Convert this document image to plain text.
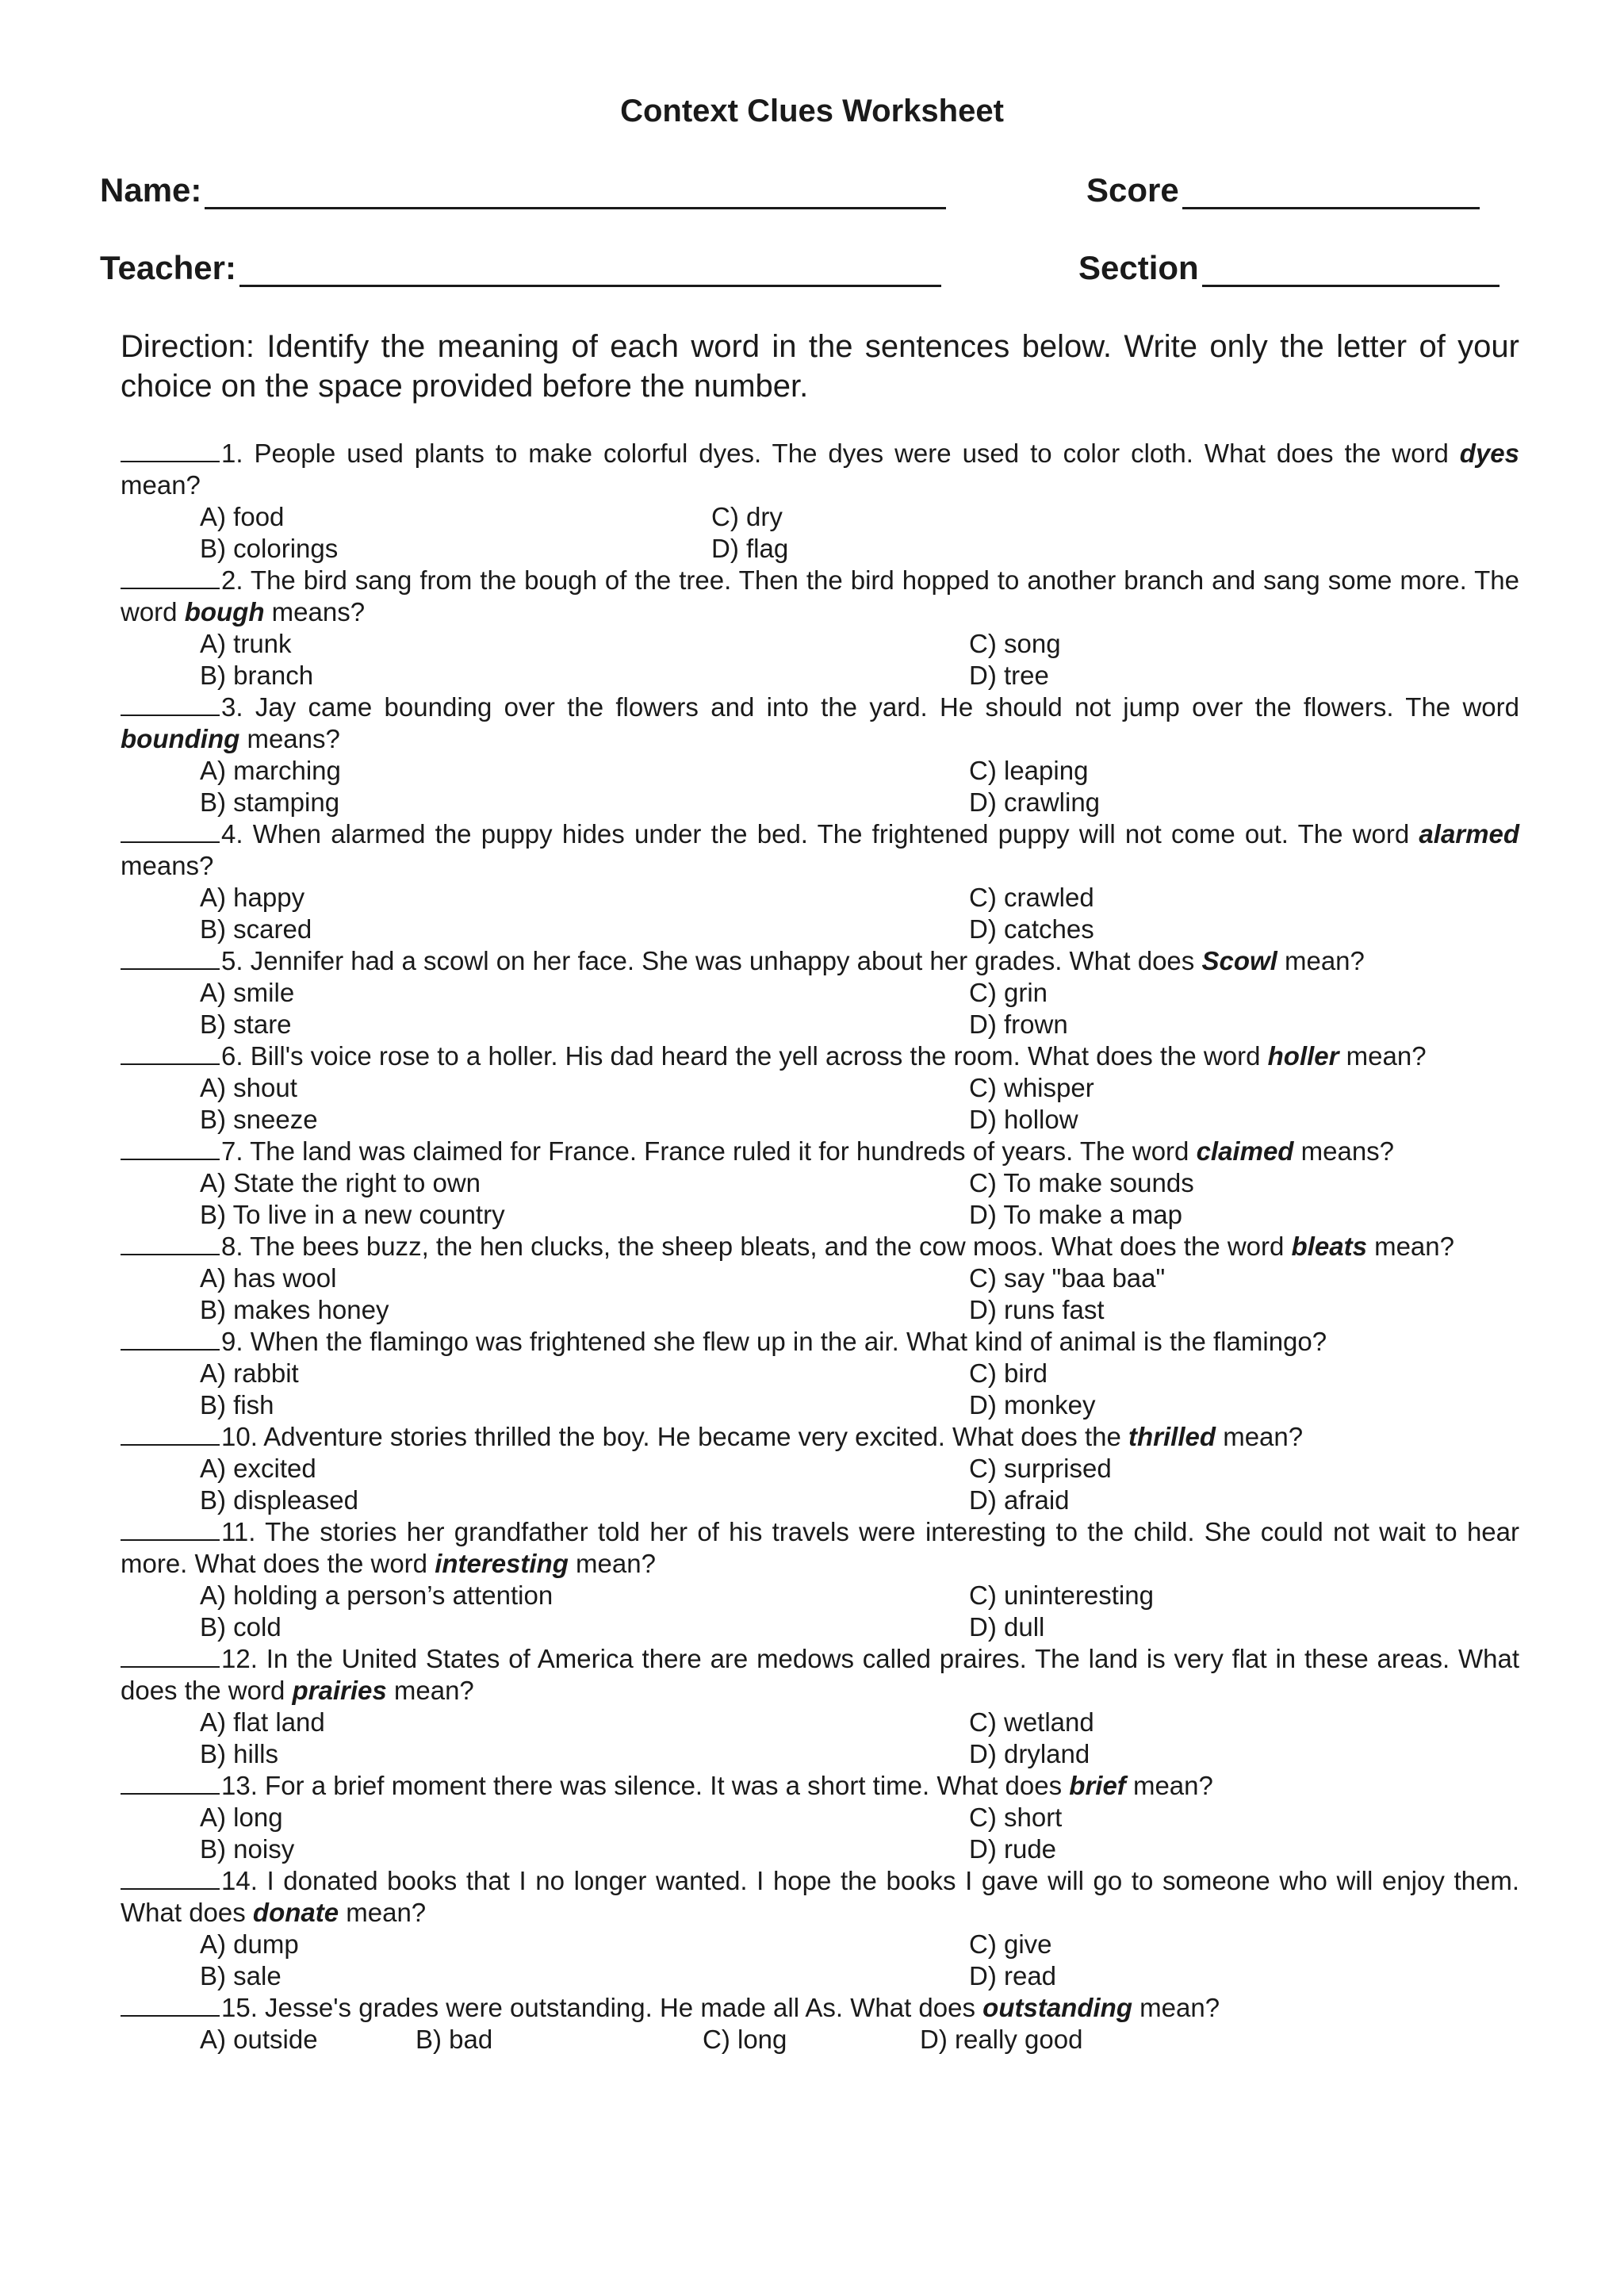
Context Clues Worksheet
Name:	Score
Teacher:	Section
Direction: Identify the meaning of each word in the sentences below. Write only the letter of your choice on the space provided before the number.
1. People used plants to make colorful dyes. The dyes were used to color cloth. What does the word dyes mean?
A) food	C) dry
B) colorings	D) flag
2. The bird sang from the bough of the tree. Then the bird hopped to another branch and sang some more. The word bough means?
A) trunk	C) song
B) branch	D) tree
3. Jay came bounding over the flowers and into the yard. He should not jump over the flowers. The word bounding means?
A) marching	C) leaping
B) stamping	D) crawling
4. When alarmed the puppy hides under the bed. The frightened puppy will not come out. The word alarmed means?
A) happy	C) crawled
B) scared	D) catches
5. Jennifer had a scowl on her face. She was unhappy about her grades. What does Scowl mean?
A) smile	C) grin
B) stare	D) frown
6. Bill's voice rose to a holler. His dad heard the yell across the room. What does the word holler mean?
A) shout	C) whisper
B) sneeze	D) hollow
7. The land was claimed for France. France ruled it for hundreds of years. The word claimed means?
A) State the right to own	C) To make sounds
B) To live in a new country	D) To make a map
8. The bees buzz, the hen clucks, the sheep bleats, and the cow moos. What does the word bleats mean?
A) has wool	C) say "baa baa"
B) makes honey	D) runs fast
9. When the flamingo was frightened she flew up in the air. What kind of animal is the flamingo?
A) rabbit	C) bird
B) fish	D) monkey
10. Adventure stories thrilled the boy. He became very excited. What does the thrilled mean?
A) excited	C) surprised
B) displeased	D) afraid
11. The stories her grandfather told her of his travels were interesting to the child. She could not wait to hear more. What does the word interesting mean?
A) holding a person’s attention	C) uninteresting
B) cold	D) dull
12. In the United States of America there are medows called praires. The land is very flat in these areas. What does the word prairies mean?
A) flat land	C) wetland
B) hills	D) dryland
13. For a brief moment there was silence. It was a short time. What does brief mean?
A) long	C) short
B) noisy	D) rude
14. I donated books that I no longer wanted. I hope the books I gave will go to someone who will enjoy them. What does donate mean?
A) dump	C) give
B) sale	D) read
15. Jesse's grades were outstanding. He made all As. What does outstanding mean?
A) outside	B) bad	C) long	D) really good
